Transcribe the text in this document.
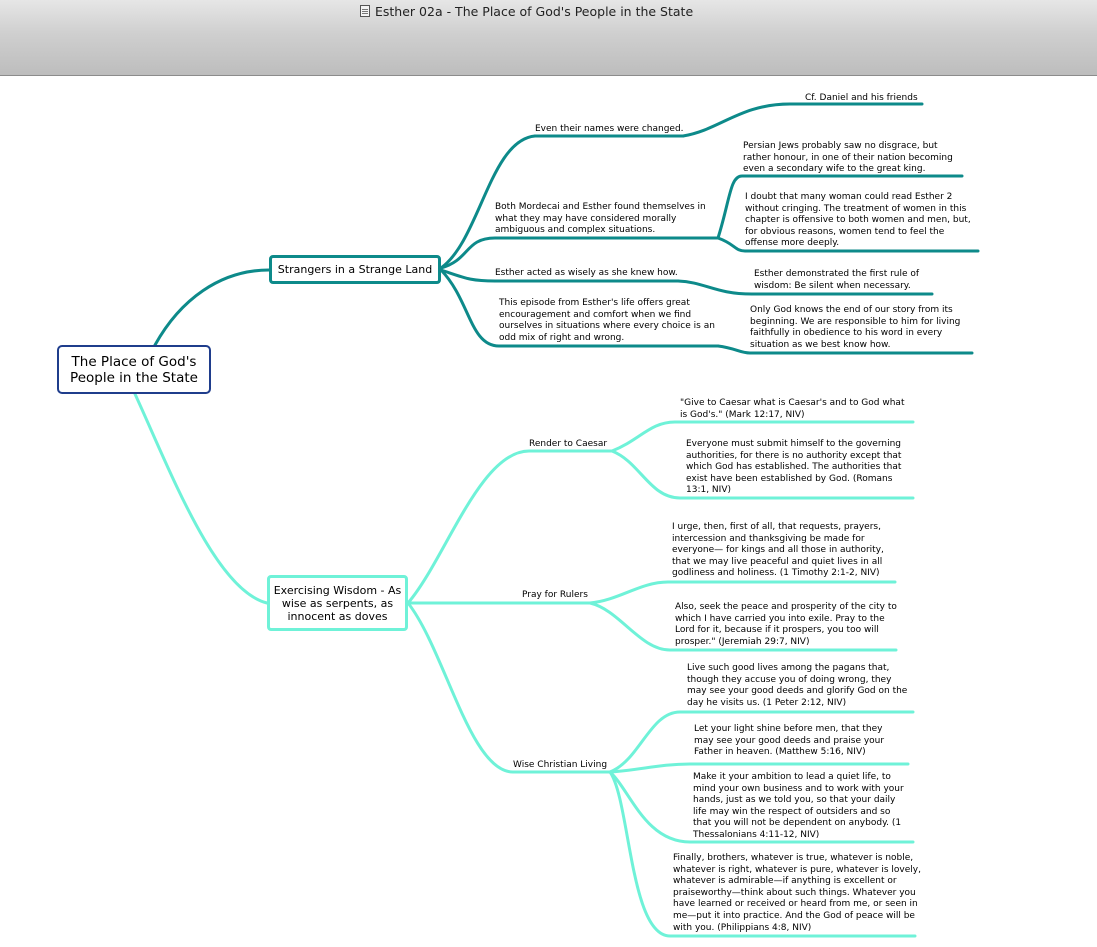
Esther 02a - The Place of God's People in the State
The Place of God's People in the State
Strangers in a Strange Land
Exercising Wisdom - As wise as serpents, as innocent as doves
Even their names were changed.
Cf. Daniel and his friends
Both Mordecai and Esther found themselves in what they may have considered morally ambiguous and complex situations.
Persian Jews probably saw no disgrace, but rather honour, in one of their nation becoming even a secondary wife to the great king.
I doubt that many woman could read Esther 2 without cringing. The treatment of women in this chapter is offensive to both women and men, but, for obvious reasons, women tend to feel the offense more deeply.
Esther acted as wisely as she knew how.	Esther demonstrated the first rule of wisdom: Be silent when necessary.
This episode from Esther's life offers great encouragement and comfort when we find ourselves in situations where every choice is an odd mix of right and wrong.
Only God knows the end of our story from its beginning. We are responsible to him for living faithfully in obedience to his word in every situation as we best know how.
Render to Caesar
"Give to Caesar what is Caesar's and to God what is God's." (Mark 12:17, NIV)
Everyone must submit himself to the governing authorities, for there is no authority except that which God has established. The authorities that exist have been established by God. (Romans 13:1, NIV)
Pray for Rulers
I urge, then, first of all, that requests, prayers, intercession and thanksgiving be made for everyone— for kings and all those in authority, that we may live peaceful and quiet lives in all godliness and holiness. (1 Timothy 2:1-2, NIV)
Also, seek the peace and prosperity of the city to which I have carried you into exile. Pray to the Lord for it, because if it prospers, you too will prosper." (Jeremiah 29:7, NIV)
Wise Christian Living
Live such good lives among the pagans that, though they accuse you of doing wrong, they may see your good deeds and glorify God on the day he visits us. (1 Peter 2:12, NIV)
Let your light shine before men, that they may see your good deeds and praise your Father in heaven. (Matthew 5:16, NIV)
Make it your ambition to lead a quiet life, to mind your own business and to work with your hands, just as we told you, so that your daily life may win the respect of outsiders and so that you will not be dependent on anybody. (1 Thessalonians 4:11-12, NIV)
Finally, brothers, whatever is true, whatever is noble, whatever is right, whatever is pure, whatever is lovely, whatever is admirable—if anything is excellent or praiseworthy—think about such things. Whatever you have learned or received or heard from me, or seen in me—put it into practice. And the God of peace will be with you. (Philippians 4:8, NIV)
